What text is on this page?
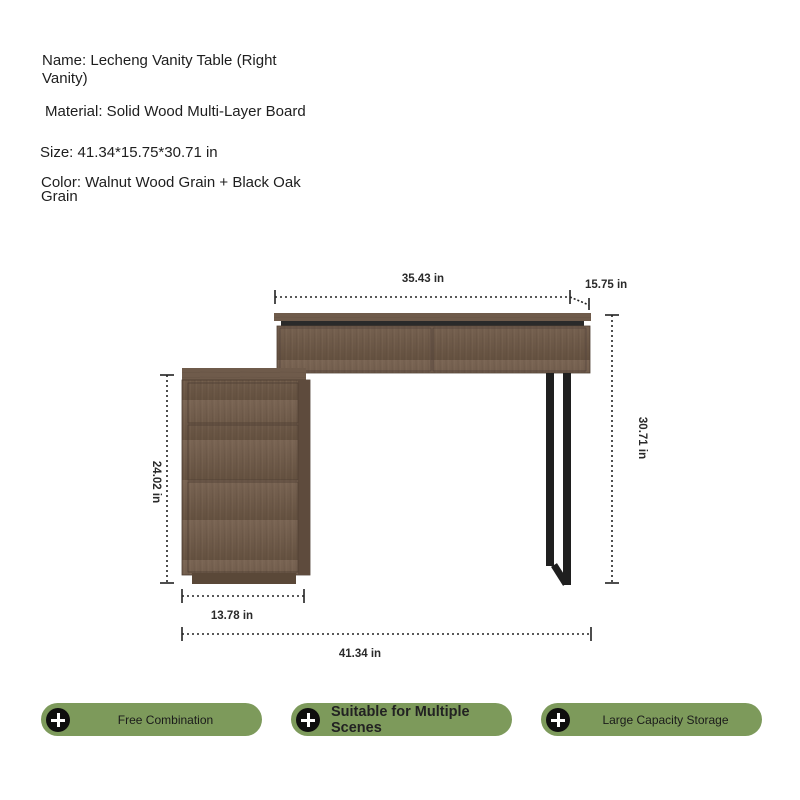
Name: Lecheng Vanity Table (Right Vanity)
Material: Solid Wood Multi-Layer Board
Size: 41.34*15.75*30.71 in
Color: Walnut Wood Grain + Black Oak Grain
35.43 in	15.75 in
30.71 in
24.02 in
13.78 in
41.34 in
Free Combination	Suitable for Multiple Scenes	Large Capacity Storage
